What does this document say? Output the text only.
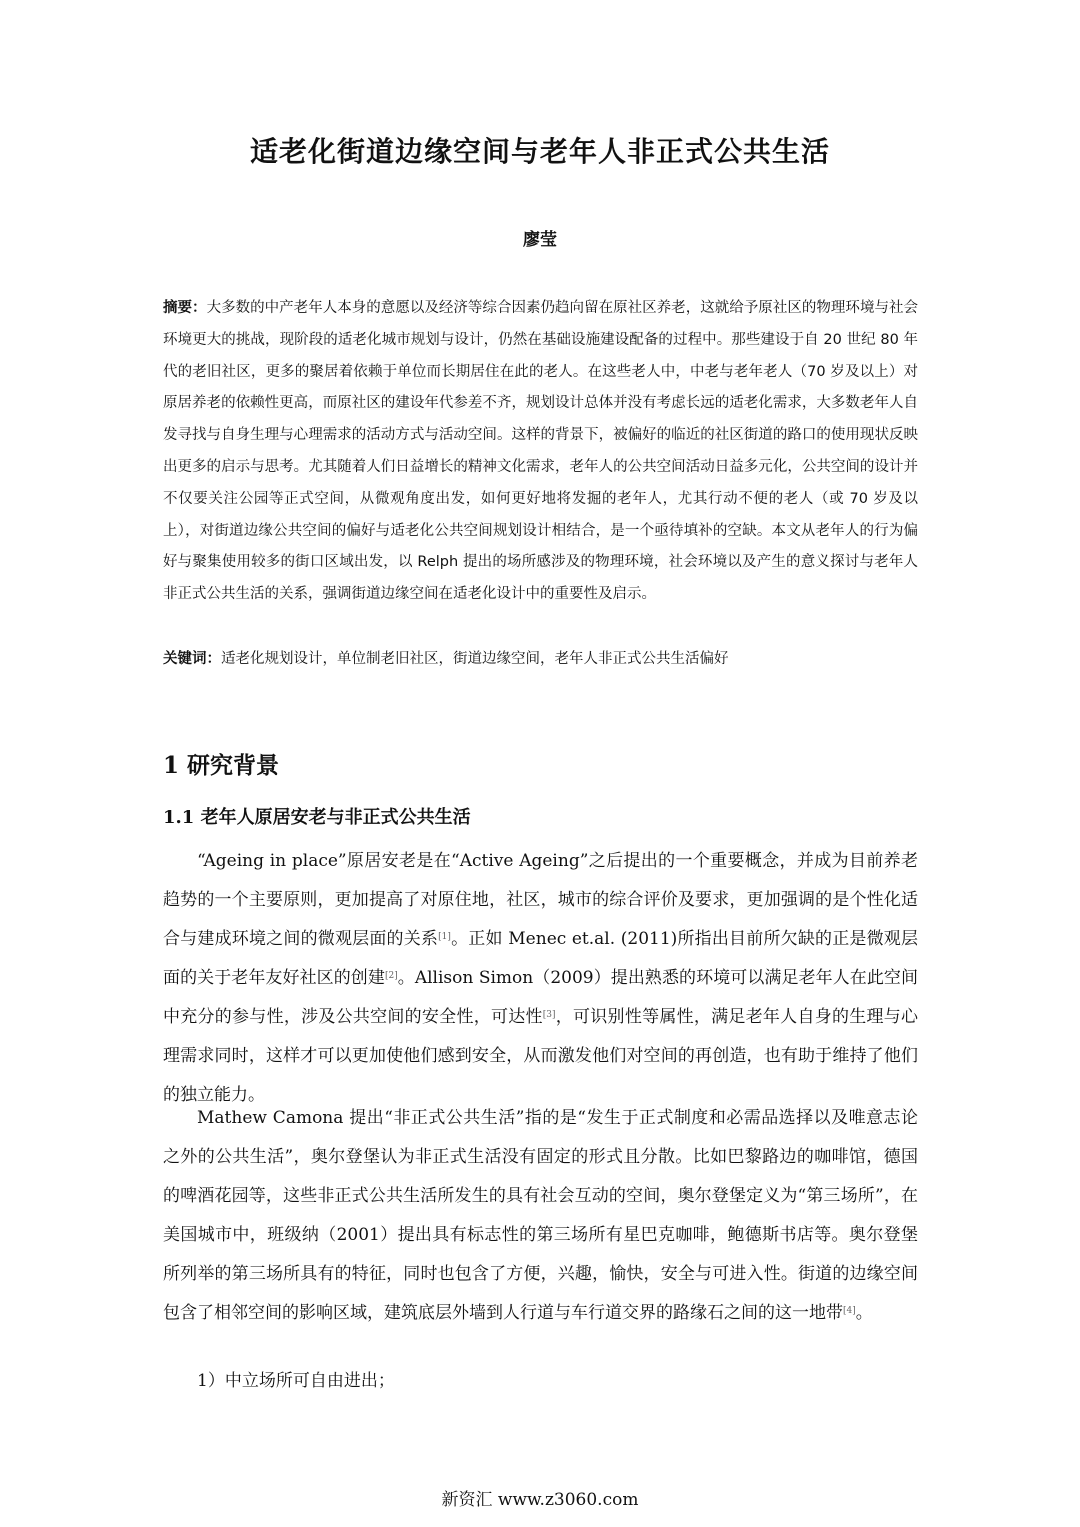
适老化街道边缘空间与老年人非正式公共生活
廖莹
摘要：大多数的中产老年人本身的意愿以及经济等综合因素仍趋向留在原社区养老，这就给予原社区的物理环境与社会环境更大的挑战，现阶段的适老化城市规划与设计，仍然在基础设施建设配备的过程中。那些建设于自 20 世纪 80 年代的老旧社区，更多的聚居着依赖于单位而长期居住在此的老人。在这些老人中，中老与老年老人（70 岁及以上）对原居养老的依赖性更高，而原社区的建设年代参差不齐，规划设计总体并没有考虑长远的适老化需求，大多数老年人自发寻找与自身生理与心理需求的活动方式与活动空间。这样的背景下，被偏好的临近的社区街道的路口的使用现状反映出更多的启示与思考。尤其随着人们日益增长的精神文化需求，老年人的公共空间活动日益多元化，公共空间的设计并不仅要关注公园等正式空间，从微观角度出发，如何更好地将发掘的老年人，尤其行动不便的老人（或 70 岁及以上），对街道边缘公共空间的偏好与适老化公共空间规划设计相结合，是一个亟待填补的空缺。本文从老年人的行为偏好与聚集使用较多的街口区域出发，以 Relph 提出的场所感涉及的物理环境，社会环境以及产生的意义探讨与老年人非正式公共生活的关系，强调街道边缘空间在适老化设计中的重要性及启示。
关键词：适老化规划设计，单位制老旧社区，街道边缘空间，老年人非正式公共生活偏好
1 研究背景
1.1 老年人原居安老与非正式公共生活
“Ageing in place”原居安老是在“Active Ageing”之后提出的一个重要概念，并成为目前养老趋势的一个主要原则，更加提高了对原住地，社区，城市的综合评价及要求，更加强调的是个性化适合与建成环境之间的微观层面的关系[1]。正如 Menec et.al. (2011)所指出目前所欠缺的正是微观层面的关于老年友好社区的创建[2]。Allison Simon（2009）提出熟悉的环境可以满足老年人在此空间中充分的参与性，涉及公共空间的安全性，可达性[3]，可识别性等属性，满足老年人自身的生理与心理需求同时，这样才可以更加使他们感到安全，从而激发他们对空间的再创造，也有助于维持了他们的独立能力。
Mathew Camona 提出“非正式公共生活”指的是“发生于正式制度和必需品选择以及唯意志论之外的公共生活”，奥尔登堡认为非正式生活没有固定的形式且分散。比如巴黎路边的咖啡馆，德国的啤酒花园等，这些非正式公共生活所发生的具有社会互动的空间，奥尔登堡定义为“第三场所”，在美国城市中，班级纳（2001）提出具有标志性的第三场所有星巴克咖啡，鲍德斯书店等。奥尔登堡所列举的第三场所具有的特征，同时也包含了方便，兴趣，愉快，安全与可进入性。街道的边缘空间包含了相邻空间的影响区域，建筑底层外墙到人行道与车行道交界的路缘石之间的这一地带[4]。
1）中立场所可自由进出；
新资汇 www.z3060.com
